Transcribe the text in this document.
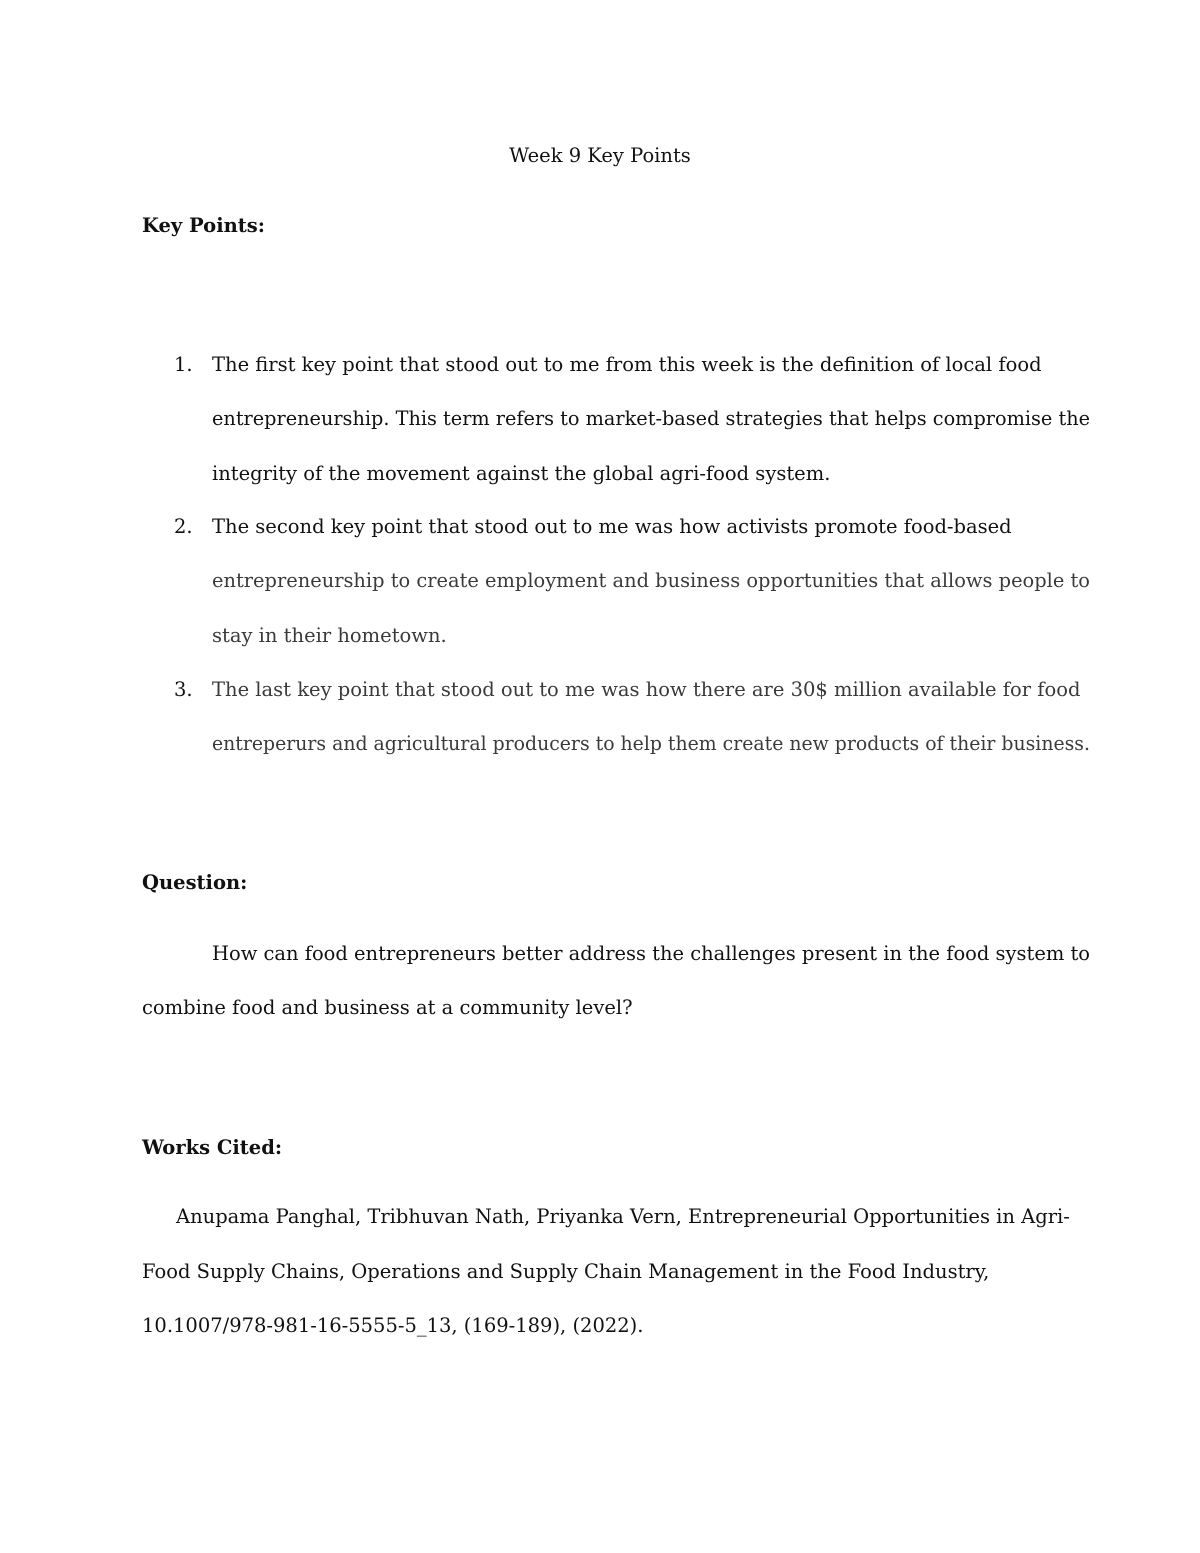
Week 9 Key Points
Key Points:
1. The first key point that stood out to me from this week is the definition of local food
entrepreneurship. This term refers to market-based strategies that helps compromise the
integrity of the movement against the global agri-food system.
2. The second key point that stood out to me was how activists promote food-based
entrepreneurship to create employment and business opportunities that allows people to
stay in their hometown.
3. The last key point that stood out to me was how there are 30$ million available for food
entreperurs and agricultural producers to help them create new products of their business.
Question:
How can food entrepreneurs better address the challenges present in the food system to
combine food and business at a community level?
Works Cited:
Anupama Panghal, Tribhuvan Nath, Priyanka Vern, Entrepreneurial Opportunities in Agri-
Food Supply Chains, Operations and Supply Chain Management in the Food Industry,
10.1007/978-981-16-5555-5_13, (169-189), (2022).
